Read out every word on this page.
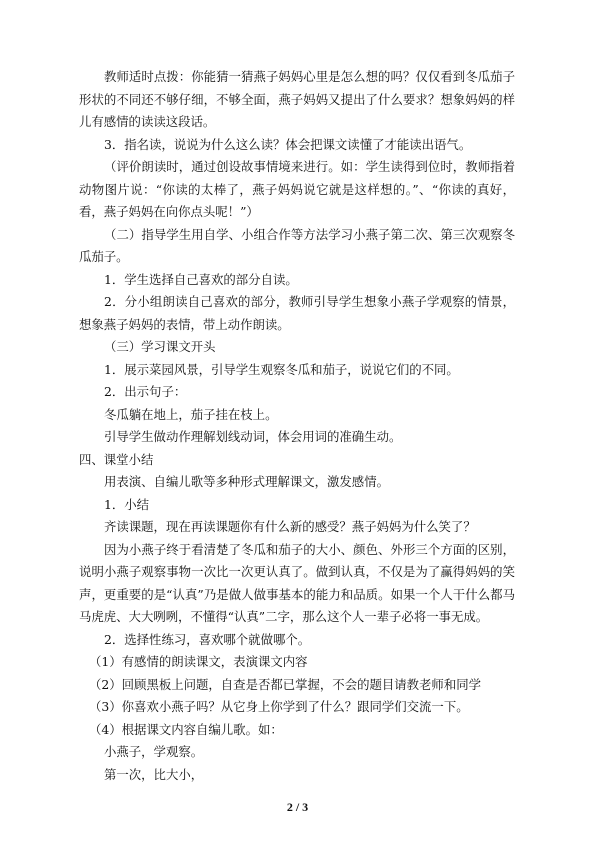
教师适时点拨：你能猜一猜燕子妈妈心里是怎么想的吗？仅仅看到冬瓜茄子形状的不同还不够仔细，不够全面，燕子妈妈又提出了什么要求？想象妈妈的样儿有感情的读读这段话。

3．指名读，说说为什么这么读？体会把课文读懂了才能读出语气。

（评价朗读时，通过创设故事情境来进行。如：学生读得到位时，教师指着动物图片说：“你读的太棒了，燕子妈妈说它就是这样想的。”、“你读的真好，看，燕子妈妈在向你点头呢！”）

（二）指导学生用自学、小组合作等方法学习小燕子第二次、第三次观察冬瓜茄子。

1．学生选择自己喜欢的部分自读。

2．分小组朗读自己喜欢的部分，教师引导学生想象小燕子学观察的情景，想象燕子妈妈的表情，带上动作朗读。

（三）学习课文开头

1．展示菜园风景，引导学生观察冬瓜和茄子，说说它们的不同。

2．出示句子：

冬瓜躺在地上，茄子挂在枝上。

引导学生做动作理解划线动词，体会用词的准确生动。

四、课堂小结

用表演、自编儿歌等多种形式理解课文，激发感情。

1．小结

齐读课题，现在再读课题你有什么新的感受？燕子妈妈为什么笑了？

因为小燕子终于看清楚了冬瓜和茄子的大小、颜色、外形三个方面的区别，说明小燕子观察事物一次比一次更认真了。做到认真，不仅是为了赢得妈妈的笑声，更重要的是“认真”乃是做人做事基本的能力和品质。如果一个人干什么都马马虎虎、大大咧咧，不懂得“认真”二字，那么这个人一辈子必将一事无成。

2．选择性练习，喜欢哪个就做哪个。

（1）有感情的朗读课文，表演课文内容

（2）回顾黑板上问题，自查是否都已掌握，不会的题目请教老师和同学

（3）你喜欢小燕子吗？从它身上你学到了什么？跟同学们交流一下。

（4）根据课文内容自编儿歌。如：

小燕子，学观察。

第一次，比大小，

2 / 3
